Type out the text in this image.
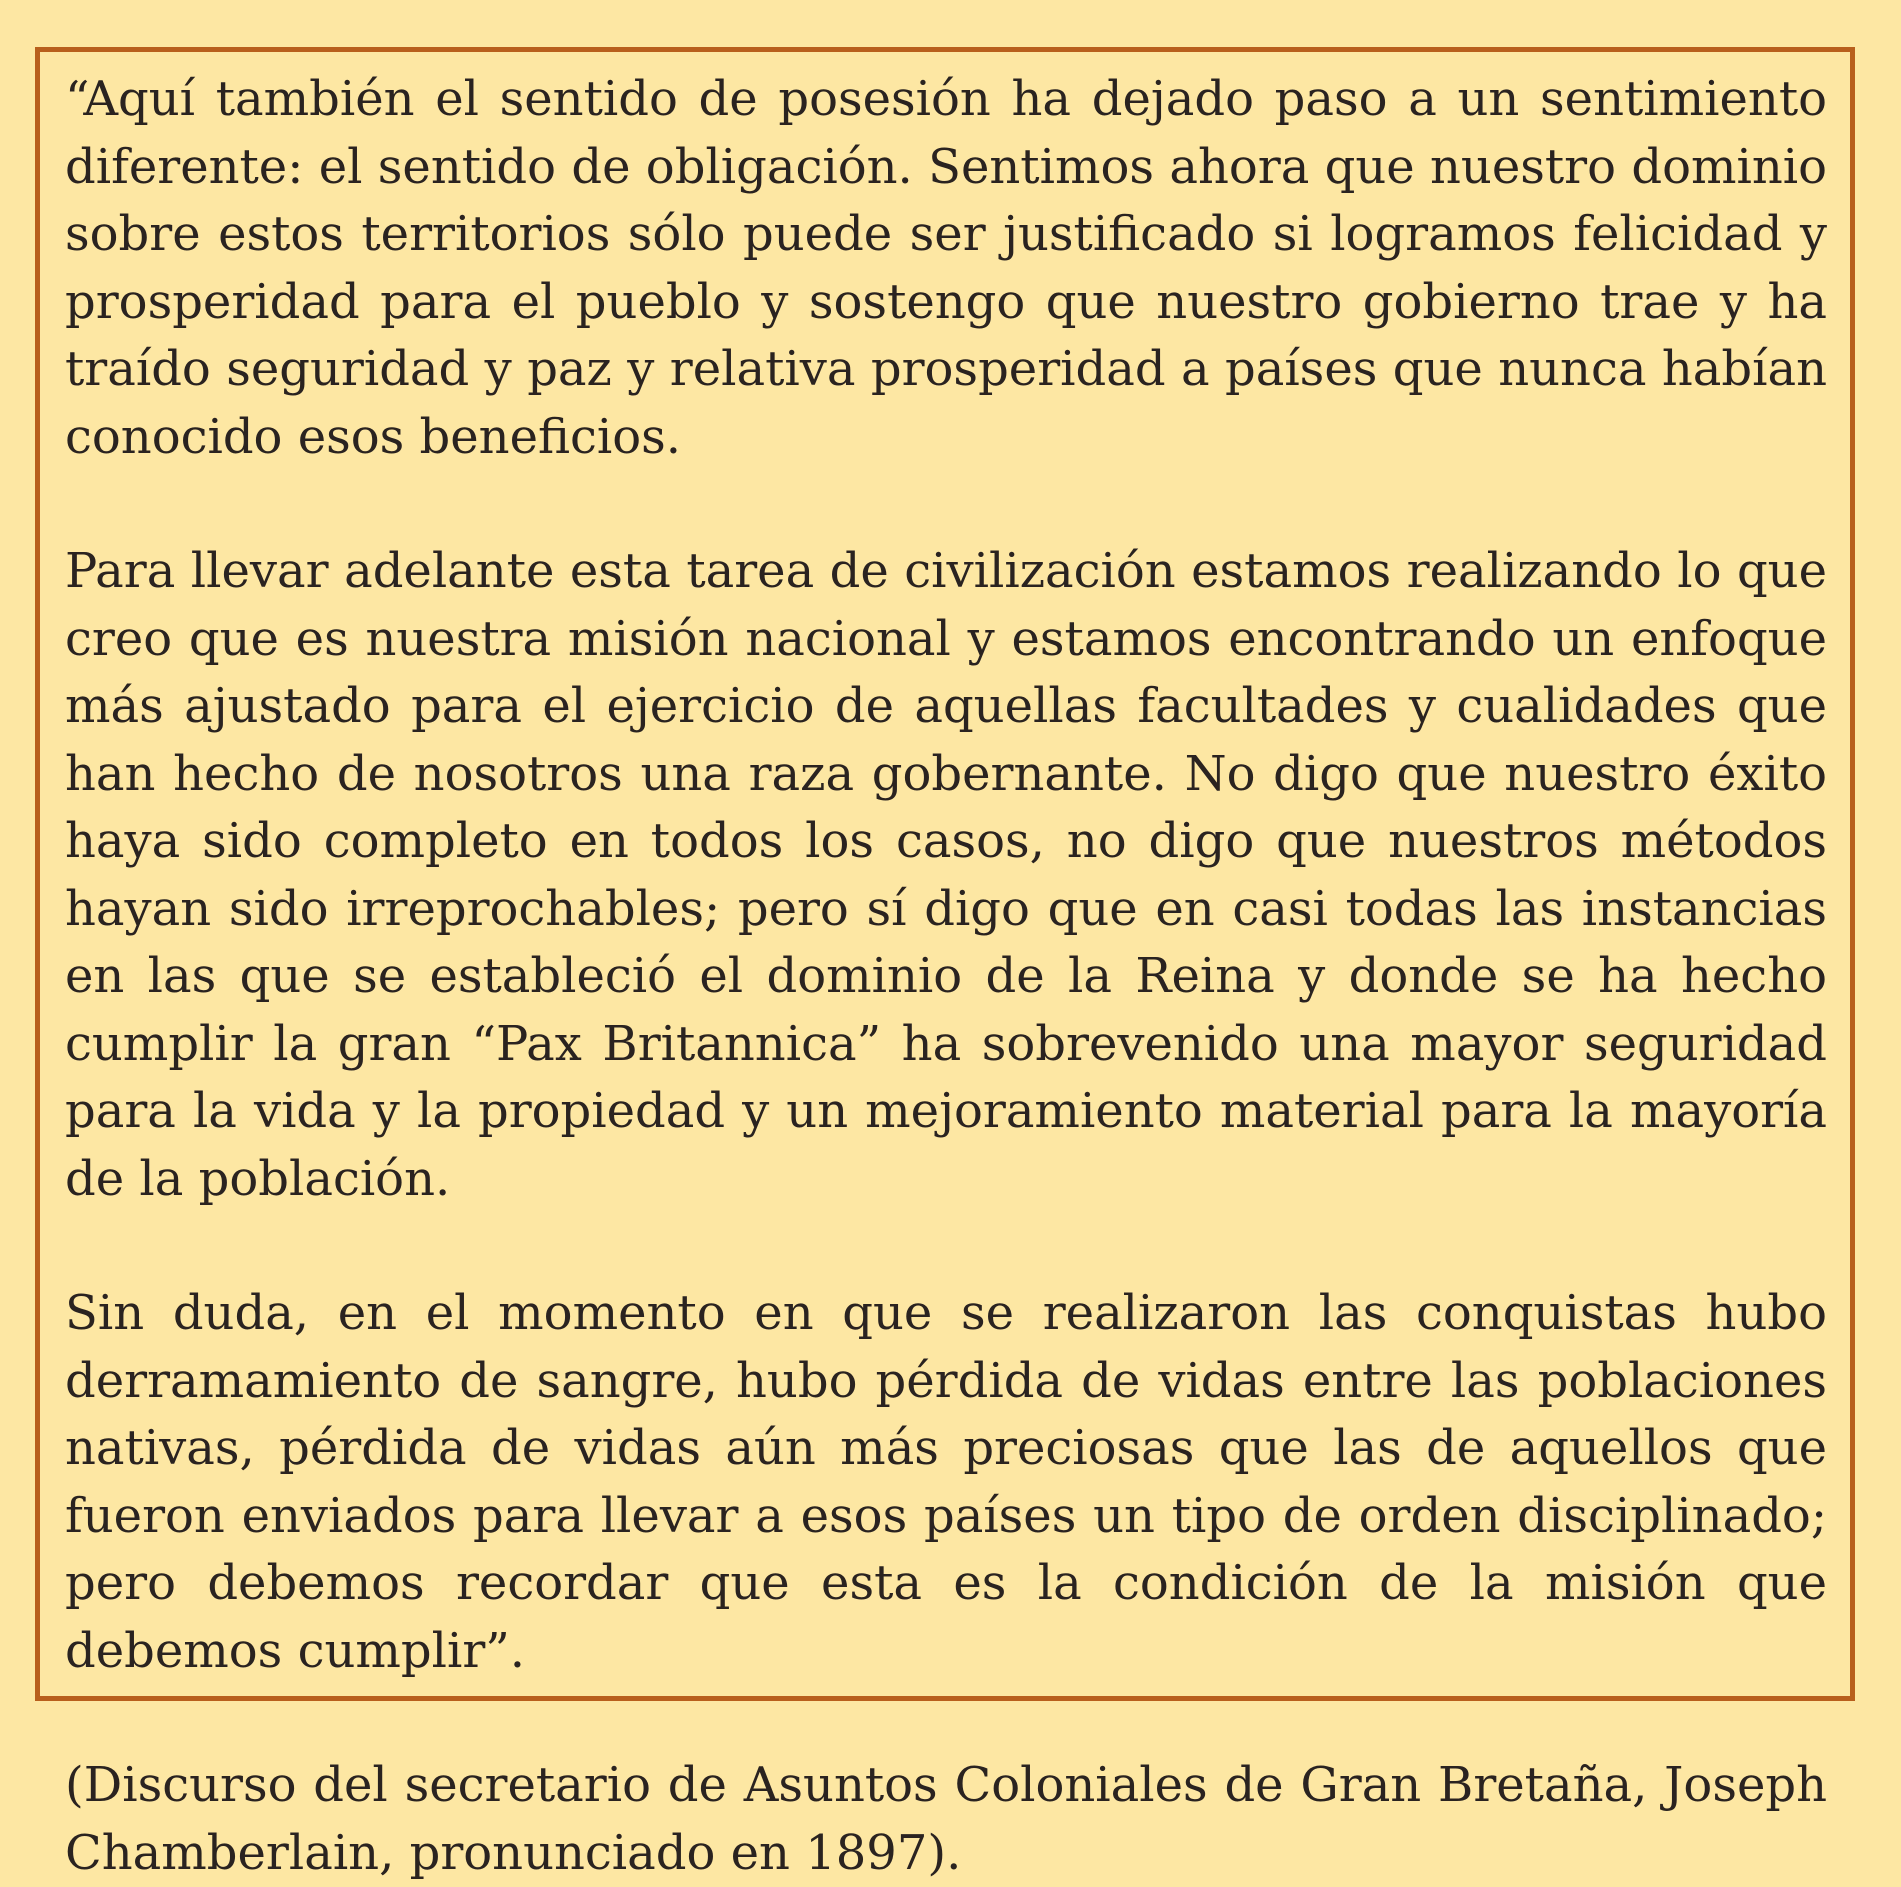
“Aquí también el sentido de posesión ha dejado paso a un sentimiento diferente: el sentido de obligación. Sentimos ahora que nuestro dominio sobre estos territorios sólo puede ser justificado si logramos felicidad y prosperidad para el pueblo y sostengo que nuestro gobierno trae y ha traído seguridad y paz y relativa prosperidad a países que nunca habían conocido esos beneficios.

Para llevar adelante esta tarea de civilización estamos realizando lo que creo que es nuestra misión nacional y estamos encontrando un enfoque más ajustado para el ejercicio de aquellas facultades y cualidades que han hecho de nosotros una raza gobernante. No digo que nuestro éxito haya sido completo en todos los casos, no digo que nuestros métodos hayan sido irreprochables; pero sí digo que en casi todas las instancias en las que se estableció el dominio de la Reina y donde se ha hecho cumplir la gran “Pax Britannica” ha sobrevenido una mayor seguridad para la vida y la propiedad y un mejoramiento material para la mayoría de la población.

Sin duda, en el momento en que se realizaron las conquistas hubo derramamiento de sangre, hubo pérdida de vidas entre las poblaciones nativas, pérdida de vidas aún más preciosas que las de aquellos que fueron enviados para llevar a esos países un tipo de orden disciplinado; pero debemos recordar que esta es la condición de la misión que debemos cumplir”.

(Discurso del secretario de Asuntos Coloniales de Gran Bretaña, Joseph Chamberlain, pronunciado en 1897).
